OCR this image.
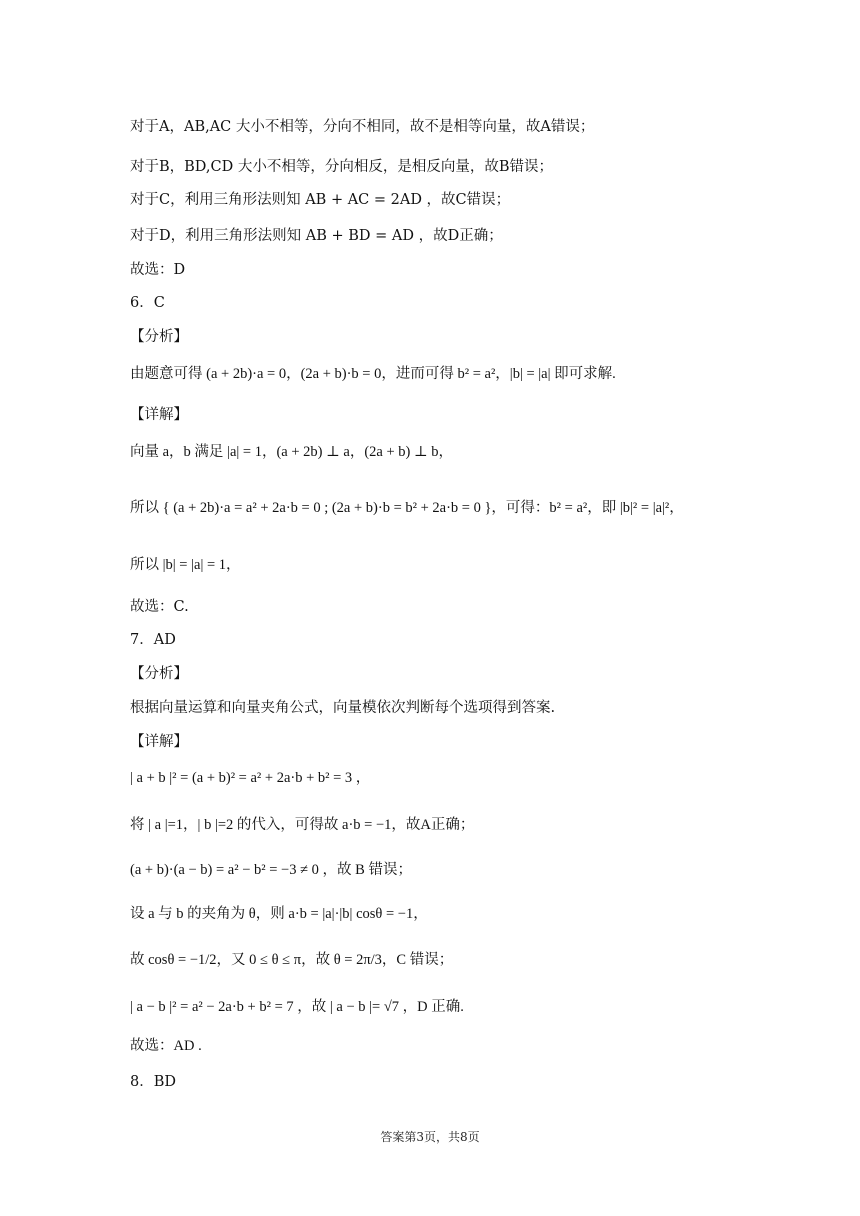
对于A，AB,AC 大小不相等，分向不相同，故不是相等向量，故A错误；
对于B，BD,CD 大小不相等，分向相反，是相反向量，故B错误；
对于C，利用三角形法则知 AB + AC = 2AD ，故C错误；
对于D，利用三角形法则知 AB + BD = AD ，故D正确；
故选：D
6．C
【分析】
由题意可得 (a + 2b)·a = 0，(2a + b)·b = 0，进而可得 b² = a²，|b| = |a| 即可求解.
【详解】
向量 a，b 满足 |a| = 1，(a + 2b) ⊥ a，(2a + b) ⊥ b，
所以 { (a + 2b)·a = a² + 2a·b = 0 ; (2a + b)·b = b² + 2a·b = 0 }，可得：b² = a²，即 |b|² = |a|²，
所以 |b| = |a| = 1，
故选：C.
7．AD
【分析】
根据向量运算和向量夹角公式，向量模依次判断每个选项得到答案.
【详解】
| a + b |² = (a + b)² = a² + 2a·b + b² = 3 ，
将 | a |=1，| b |=2 的代入，可得故 a·b = −1，故A正确；
(a + b)·(a − b) = a² − b² = −3 ≠ 0 ，故 B 错误；
设 a 与 b 的夹角为 θ，则 a·b = |a|·|b| cosθ = −1，
故 cosθ = −1/2，又 0 ≤ θ ≤ π，故 θ = 2π/3，C 错误；
| a − b |² = a² − 2a·b + b² = 7 ，故 | a − b |= √7 ，D 正确.
故选：AD .
8．BD
答案第3页，共8页
